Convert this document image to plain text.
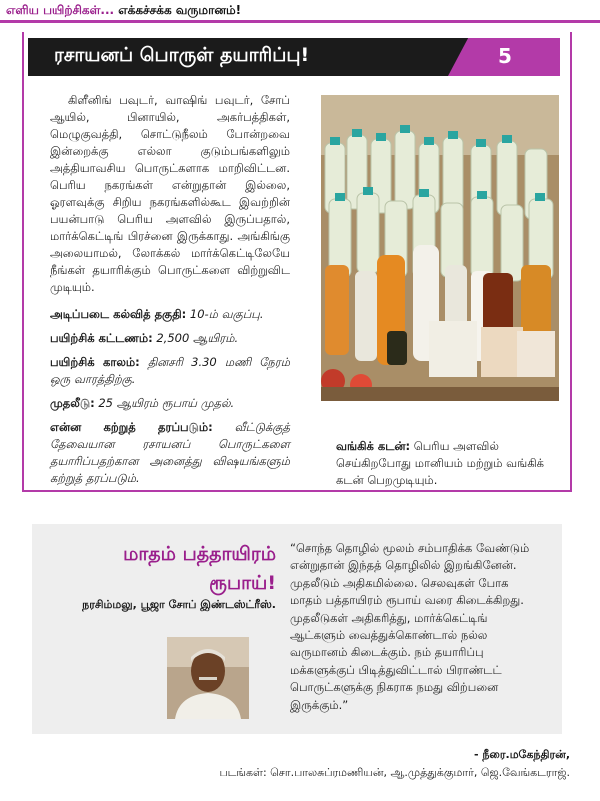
எளிய பயிற்சிகள்... எக்கச்சக்க வருமானம்!
ரசாயனப் பொருள் தயாரிப்பு!	5

கிளீனிங் பவுடர், வாஷிங் பவுடர், சோப் ஆயில், பினாயில், அகர்பத்திகள், மெழுகுவத்தி, சொட்டுநீலம் போன்றவை இன்றைக்கு எல்லா குடும்பங்களிலும் அத்தியாவசிய பொருட்களாக மாறிவிட்டன. பெரிய நகரங்கள் என்றுதான் இல்லை, ஓரளவுக்கு சிறிய நகரங்களில்கூட இவற்றின் பயன்பாடு பெரிய அளவில் இருப்பதால், மார்க்கெட்டிங் பிரச்னை இருக்காது. அங்கிங்கு அலையாமல், லோக்கல் மார்க்கெட்டிலேயே நீங்கள் தயாரிக்கும் பொருட்களை விற்றுவிட முடியும்.

அடிப்படை கல்வித் தகுதி: 10-ம் வகுப்பு.

பயிற்சிக் கட்டணம்: 2,500 ஆயிரம்.

பயிற்சிக் காலம்: தினசரி 3.30 மணி நேரம் ஒரு வாரத்திற்கு.

முதலீடு: 25 ஆயிரம் ரூபாய் முதல்.

என்ன கற்றுத் தரப்படும்: வீட்டுக்குத் தேவையான ரசாயனப் பொருட்களை தயாரிப்பதற்கான அனைத்து விஷயங்களும் கற்றுத் தரப்படும்.

வங்கிக் கடன்: பெரிய அளவில் செய்கிறபோது மானியம் மற்றும் வங்கிக் கடன் பெறமுடியும்.
மாதம் பத்தாயிரம்
ரூபாய்!
நரசிம்மலு, பூஜா சோப் இண்டஸ்ட்ரீஸ்.
“சொந்த தொழில் மூலம் சம்பாதிக்க வேண்டும் என்றுதான் இந்தத் தொழிலில் இறங்கினேன். முதலீடும் அதிகமில்லை. செலவுகள் போக மாதம் பத்தாயிரம் ரூபாய் வரை கிடைக்கிறது. முதலீடுகள் அதிகரித்து, மார்க்கெட்டிங் ஆட்களும் வைத்துக்கொண்டால் நல்ல வருமானம் கிடைக்கும். நம் தயாரிப்பு மக்களுக்குப் பிடித்துவிட்டால் பிராண்டட் பொருட்களுக்கு நிகராக நமது விற்பனை இருக்கும்.”
- நீரை.மகேந்திரன்,
படங்கள்: சொ.பாலசுப்ரமணியன், ஆ.முத்துக்குமார், ஜெ.வேங்கடராஜ்.
